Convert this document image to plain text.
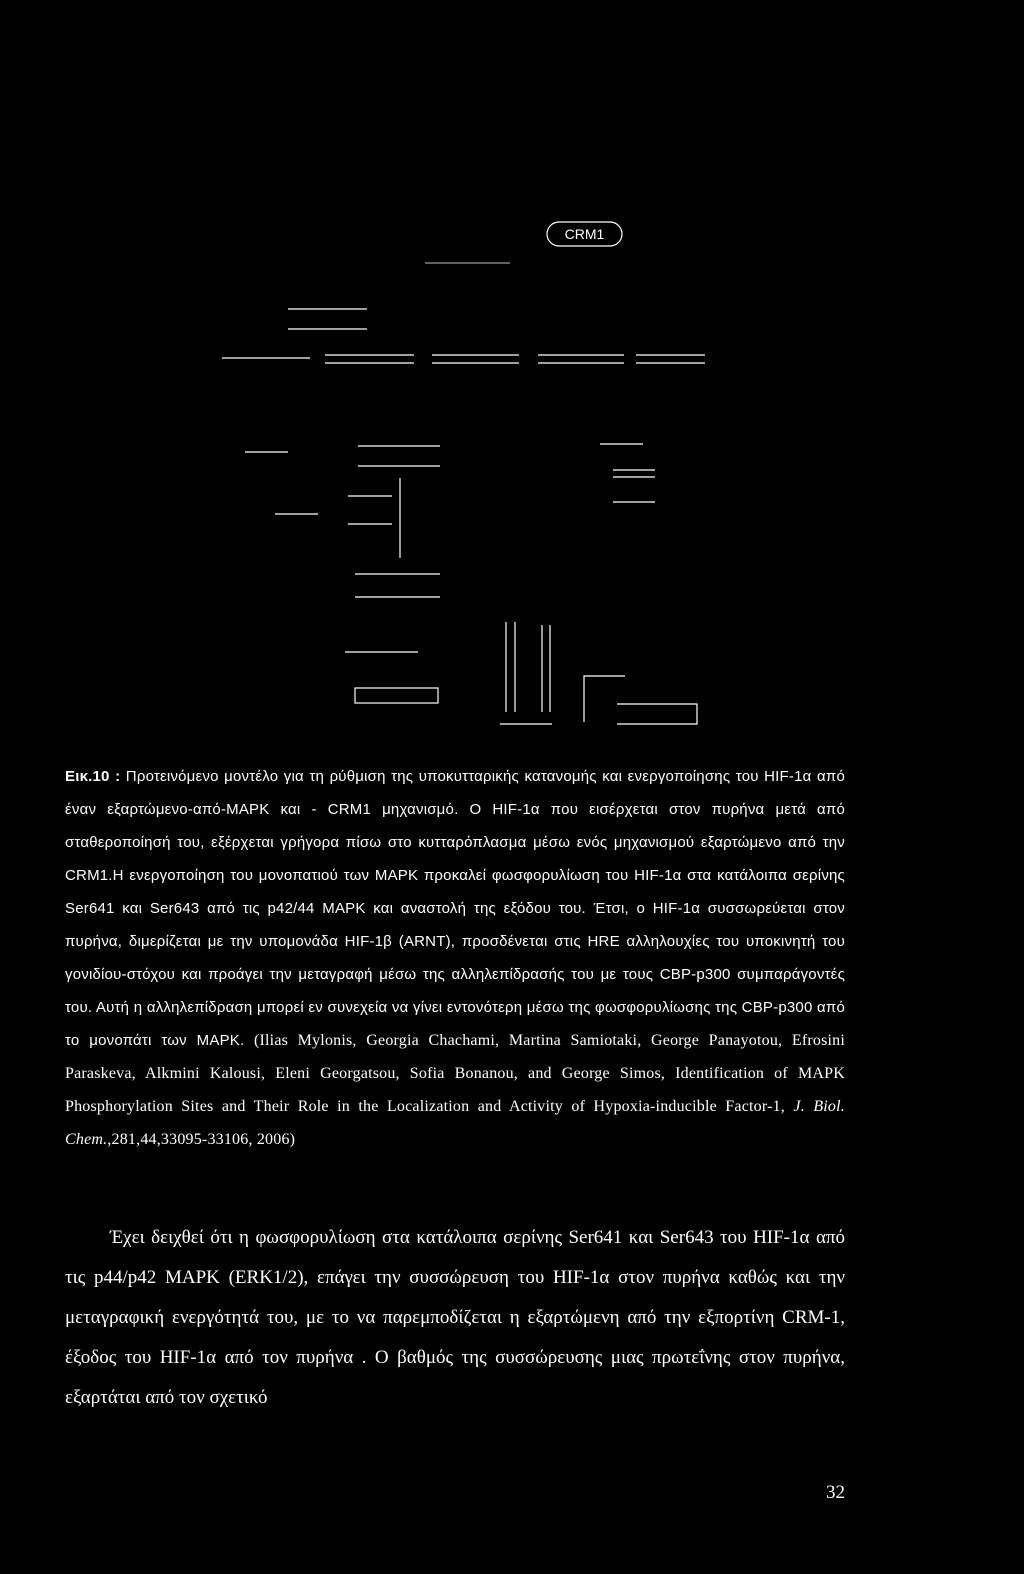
CRM1
Εικ.10 : Προτεινόμενο μοντέλο για τη ρύθμιση της υποκυτταρικής κατανομής και ενεργοποίησης του HIF-1α από έναν εξαρτώμενο-από-MAPK και - CRM1 μηχανισμό. Ο HIF-1α που εισέρχεται στον πυρήνα μετά από σταθεροποίησή του, εξέρχεται γρήγορα πίσω στο κυτταρόπλασμα μέσω ενός μηχανισμού εξαρτώμενο από την CRM1.Η ενεργοποίηση του μονοπατιού των MAPK προκαλεί φωσφορυλίωση του HIF-1α στα κατάλοιπα σερίνης Ser641 και Ser643 από τις p42/44 MAPK και αναστολή της εξόδου του. Έτσι, ο HIF-1α συσσωρεύεται στον πυρήνα, διμερίζεται με την υπομονάδα HIF-1β (ARNT), προσδένεται στις HRE αλληλουχίες του υποκινητή του γονιδίου-στόχου και προάγει την μεταγραφή μέσω της αλληλεπίδρασής του με τους CBP-p300 συμπαράγοντές του. Αυτή η αλληλεπίδραση μπορεί εν συνεχεία να γίνει εντονότερη μέσω της φωσφορυλίωσης της CBP-p300 από το μονοπάτι των MAPK. (Ilias Mylonis, Georgia Chachami, Martina Samiotaki, George Panayotou, Efrosini Paraskeva, Alkmini Kalousi, Eleni Georgatsou, Sofia Bonanou, and George Simos, Identification of MAPK Phosphorylation Sites and Their Role in the Localization and Activity of Hypoxia-inducible Factor-1, J. Biol. Chem.,281,44,33095-33106, 2006)

Έχει δειχθεί ότι η φωσφορυλίωση στα κατάλοιπα σερίνης Ser641 και Ser643 του HIF-1α από τις p44/p42 MAPK (ERK1/2), επάγει την συσσώρευση του HIF-1α στον πυρήνα καθώς και την μεταγραφική ενεργότητά του, με το να παρεμποδίζεται η εξαρτώμενη από την εξπορτίνη CRM-1, έξοδος του HIF-1α από τον πυρήνα . Ο βαθμός της συσσώρευσης μιας πρωτεΐνης στον πυρήνα, εξαρτάται από τον σχετικό

32
